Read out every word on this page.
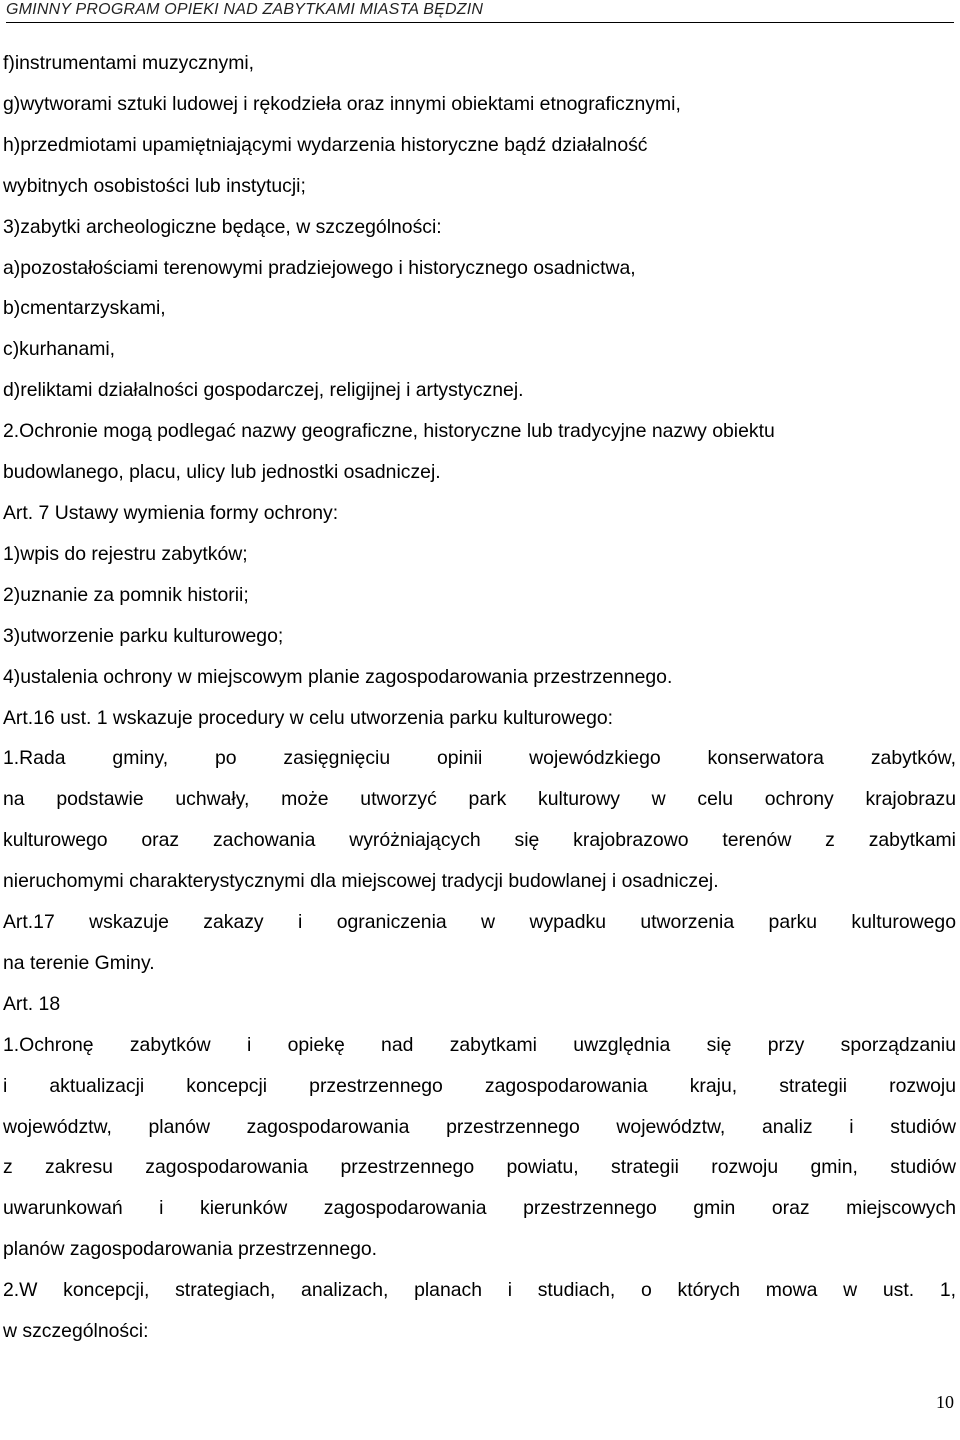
GMINNY PROGRAM OPIEKI NAD ZABYTKAMI MIASTA BĘDZIN
f)instrumentami muzycznymi,
g)wytworami sztuki ludowej i rękodzieła oraz innymi obiektami etnograficznymi,
h)przedmiotami upamiętniającymi wydarzenia historyczne bądź działalność
wybitnych osobistości lub instytucji;
3)zabytki archeologiczne będące, w szczególności:
a)pozostałościami terenowymi pradziejowego i historycznego osadnictwa,
b)cmentarzyskami,
c)kurhanami,
d)reliktami działalności gospodarczej, religijnej i artystycznej.
2.Ochronie mogą podlegać nazwy geograficzne, historyczne lub tradycyjne nazwy obiektu
budowlanego, placu, ulicy lub jednostki osadniczej.
Art. 7 Ustawy wymienia formy ochrony:
1)wpis do rejestru zabytków;
2)uznanie za pomnik historii;
3)utworzenie parku kulturowego;
4)ustalenia ochrony w miejscowym planie zagospodarowania przestrzennego.
Art.16 ust. 1 wskazuje procedury w celu utworzenia parku kulturowego:
1.Rada gminy, po zasięgnięciu opinii wojewódzkiego konserwatora zabytków,
na podstawie uchwały, może utworzyć park kulturowy w celu ochrony krajobrazu
kulturowego oraz zachowania wyróżniających się krajobrazowo terenów z zabytkami
nieruchomymi charakterystycznymi dla miejscowej tradycji budowlanej i osadniczej.
Art.17 wskazuje zakazy i ograniczenia w wypadku utworzenia parku kulturowego
na terenie Gminy.
Art. 18
1.Ochronę zabytków i opiekę nad zabytkami uwzględnia się przy sporządzaniu
i aktualizacji koncepcji przestrzennego zagospodarowania kraju, strategii rozwoju
województw, planów zagospodarowania przestrzennego województw, analiz i studiów
z zakresu zagospodarowania przestrzennego powiatu, strategii rozwoju gmin, studiów
uwarunkowań i kierunków zagospodarowania przestrzennego gmin oraz miejscowych
planów zagospodarowania przestrzennego.
2.W koncepcji, strategiach, analizach, planach i studiach, o których mowa w ust. 1,
w szczególności:
10
